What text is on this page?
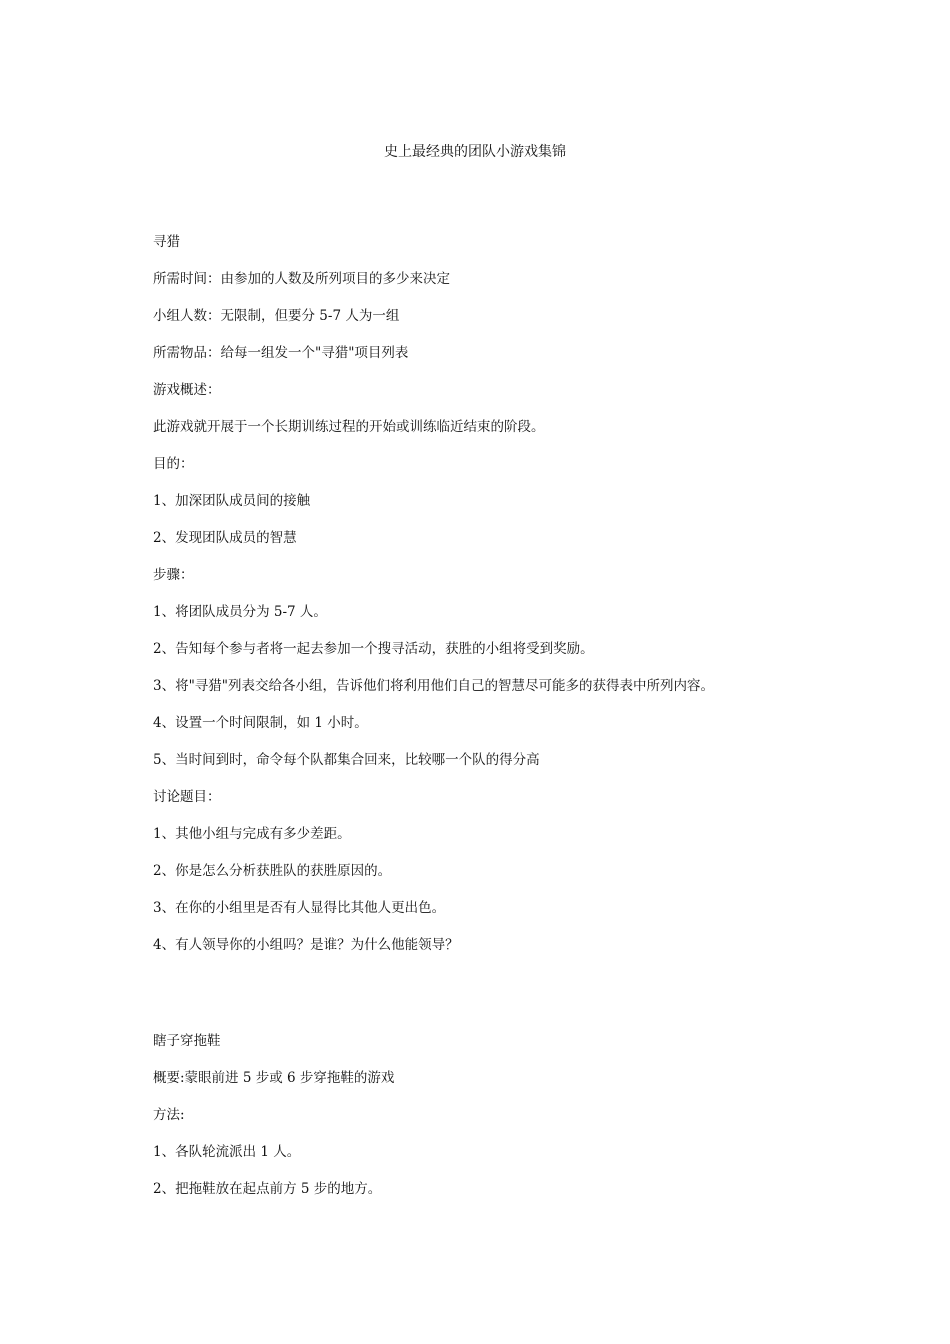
史上最经典的团队小游戏集锦

寻猎

所需时间：由参加的人数及所列项目的多少来决定

小组人数：无限制，但要分 5-7 人为一组

所需物品：给每一组发一个"寻猎"项目列表

游戏概述：

此游戏就开展于一个长期训练过程的开始或训练临近结束的阶段。

目的：

1、加深团队成员间的接触

2、发现团队成员的智慧

步骤：

1、将团队成员分为 5-7 人。

2、告知每个参与者将一起去参加一个搜寻活动，获胜的小组将受到奖励。

3、将"寻猎"列表交给各小组，告诉他们将利用他们自己的智慧尽可能多的获得表中所列内容。

4、设置一个时间限制，如 1 小时。

5、当时间到时，命令每个队都集合回来，比较哪一个队的得分高

讨论题目：

1、其他小组与完成有多少差距。

2、你是怎么分析获胜队的获胜原因的。

3、在你的小组里是否有人显得比其他人更出色。

4、有人领导你的小组吗？是谁？为什么他能领导？

瞎子穿拖鞋

概要:蒙眼前进 5 步或 6 步穿拖鞋的游戏

方法:

1、各队轮流派出 1 人。

2、把拖鞋放在起点前方 5 步的地方。
